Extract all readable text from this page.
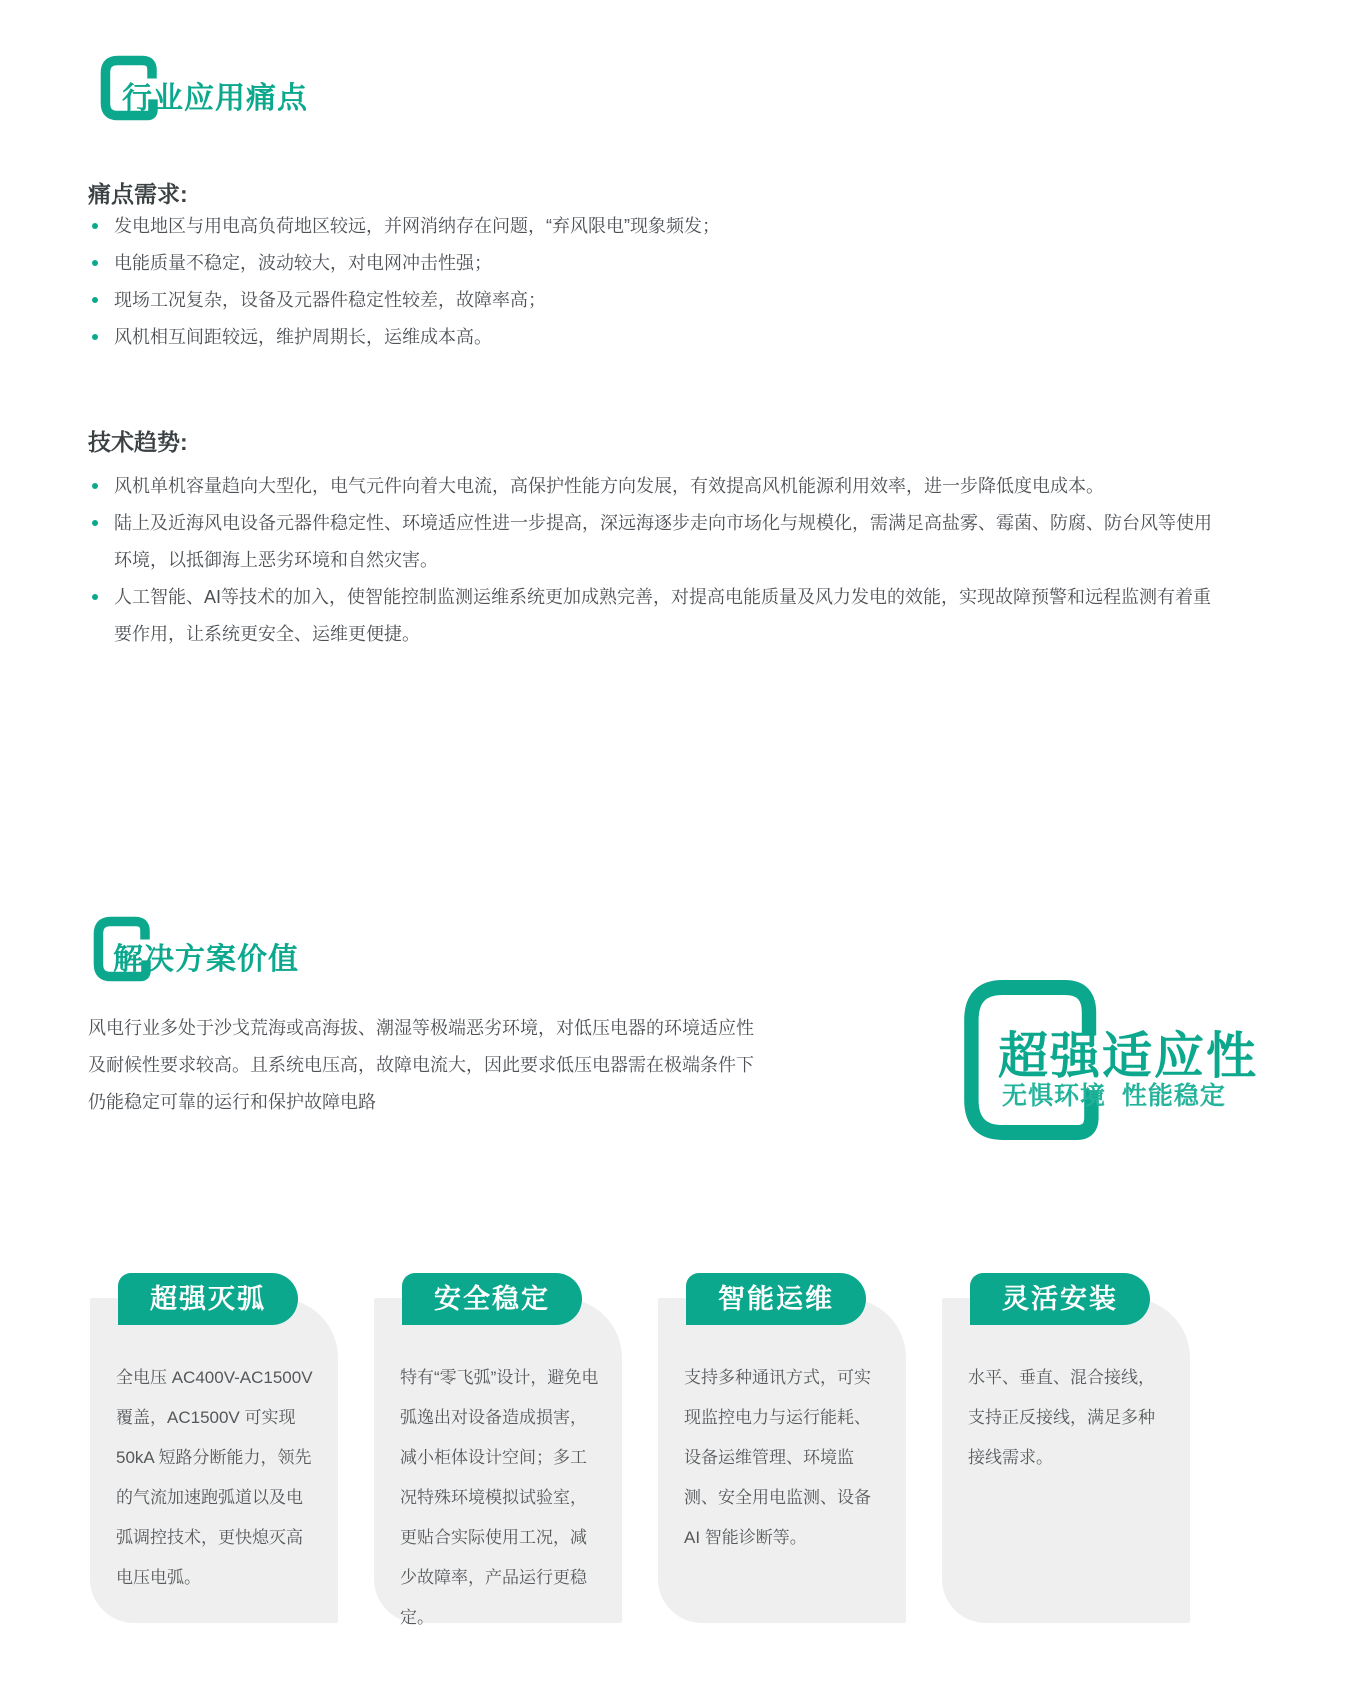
行业应用痛点
痛点需求:
发电地区与用电高负荷地区较远，并网消纳存在问题，“弃风限电”现象频发；
电能质量不稳定，波动较大，对电网冲击性强；
现场工况复杂，设备及元器件稳定性较差，故障率高；
风机相互间距较远，维护周期长，运维成本高。
技术趋势:
风机单机容量趋向大型化，电气元件向着大电流，高保护性能方向发展，有效提高风机能源利用效率，进一步降低度电成本。
陆上及近海风电设备元器件稳定性、环境适应性进一步提高，深远海逐步走向市场化与规模化，需满足高盐雾、霉菌、防腐、防台风等使用环境，以抵御海上恶劣环境和自然灾害。
人工智能、AI等技术的加入，使智能控制监测运维系统更加成熟完善，对提高电能质量及风力发电的效能，实现故障预警和远程监测有着重要作用，让系统更安全、运维更便捷。
解决方案价值
风电行业多处于沙戈荒海或高海拔、潮湿等极端恶劣环境，对低压电器的环境适应性及耐候性要求较高。且系统电压高，故障电流大，因此要求低压电器需在极端条件下仍能稳定可靠的运行和保护故障电路
超强适应性
无惧环境  性能稳定
超强灭弧
全电压 AC400V-AC1500V 覆盖，AC1500V 可实现 50kA 短路分断能力，领先的气流加速跑弧道以及电弧调控技术，更快熄灭高电压电弧。
安全稳定
特有“零飞弧”设计，避免电弧逸出对设备造成损害，减小柜体设计空间；多工况特殊环境模拟试验室，更贴合实际使用工况，减少故障率，产品运行更稳定。
智能运维
支持多种通讯方式，可实现监控电力与运行能耗、设备运维管理、环境监测、安全用电监测、设备 AI 智能诊断等。
灵活安装
水平、垂直、混合接线，支持正反接线，满足多种接线需求。
